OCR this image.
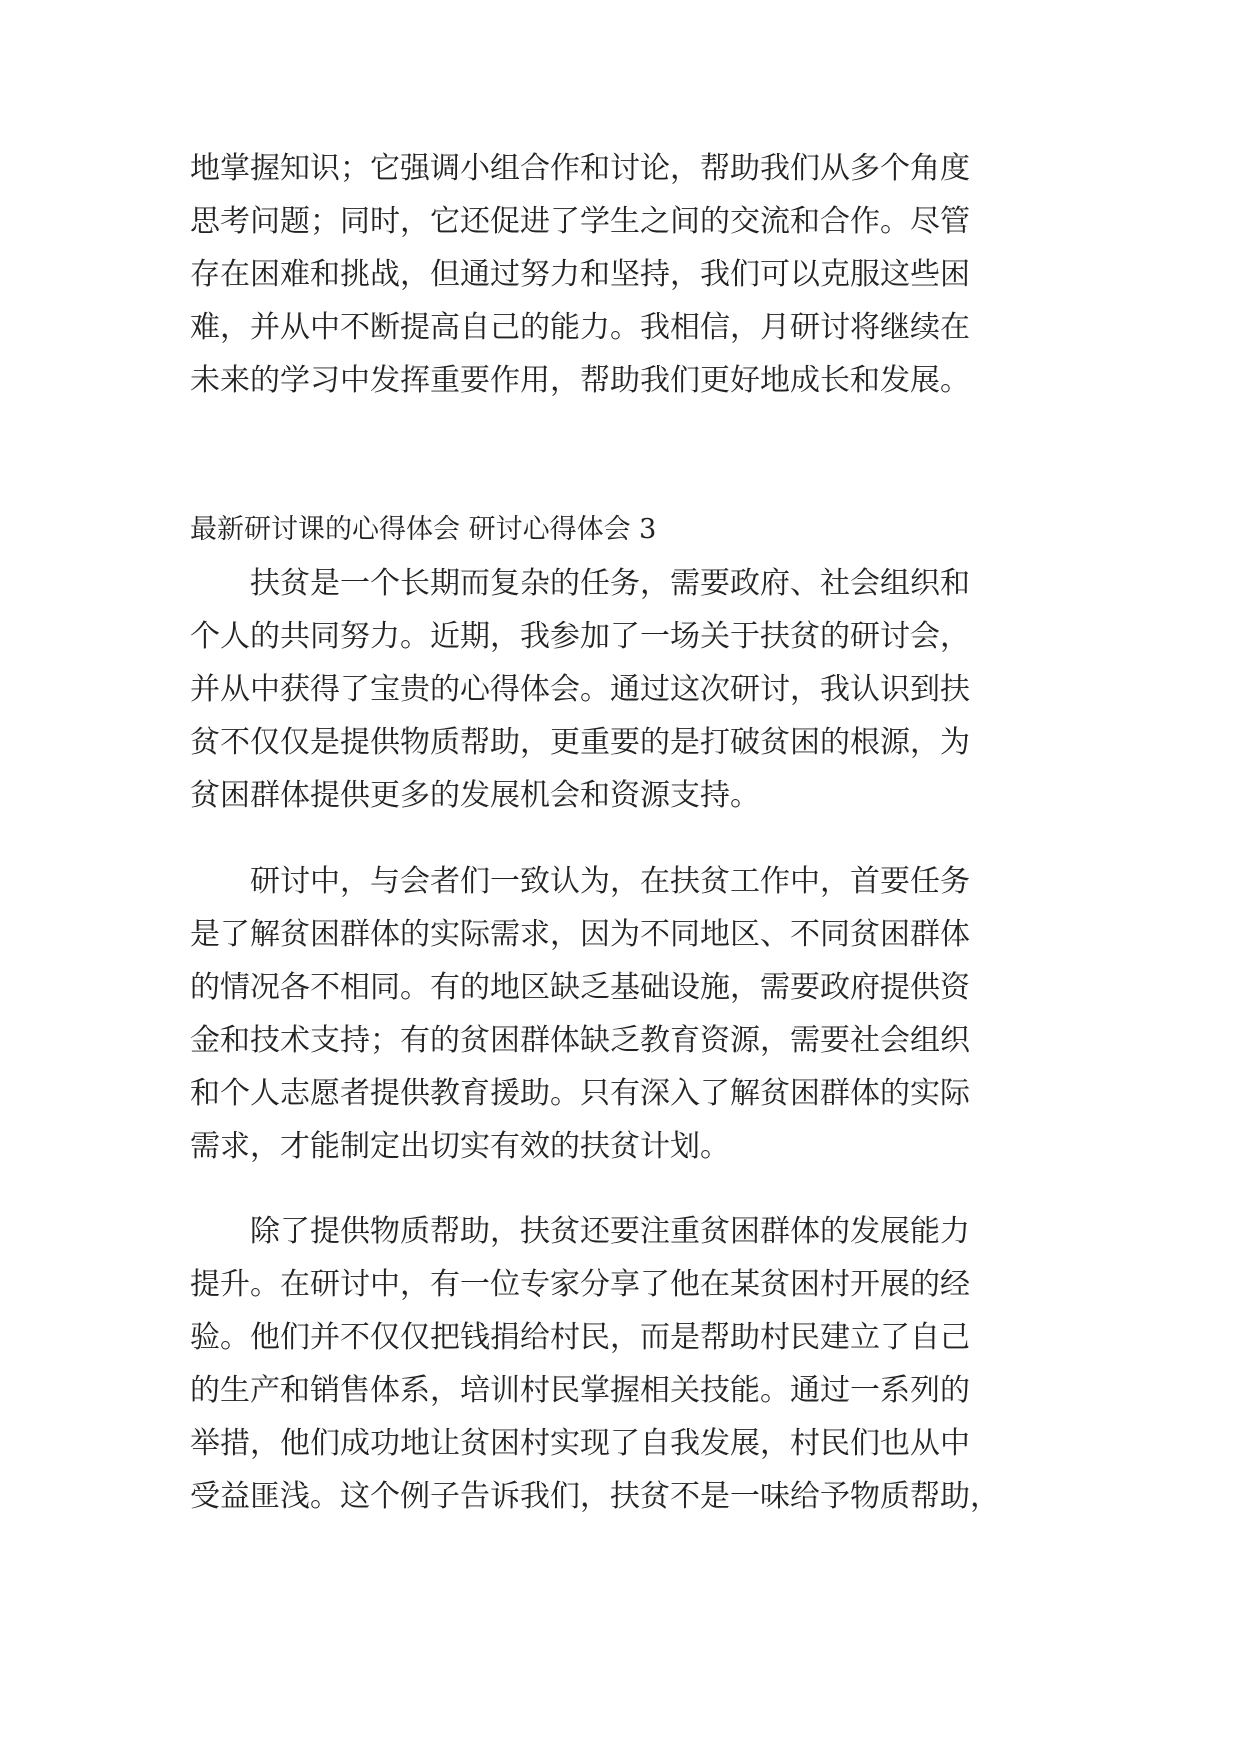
地掌握知识；它强调小组合作和讨论，帮助我们从多个角度
思考问题；同时，它还促进了学生之间的交流和合作。尽管
存在困难和挑战，但通过努力和坚持，我们可以克服这些困
难，并从中不断提高自己的能力。我相信，月研讨将继续在
未来的学习中发挥重要作用，帮助我们更好地成长和发展。
最新研讨课的心得体会 研讨心得体会 3
扶贫是一个长期而复杂的任务，需要政府、社会组织和
个人的共同努力。近期，我参加了一场关于扶贫的研讨会，
并从中获得了宝贵的心得体会。通过这次研讨，我认识到扶
贫不仅仅是提供物质帮助，更重要的是打破贫困的根源，为
贫困群体提供更多的发展机会和资源支持。
研讨中，与会者们一致认为，在扶贫工作中，首要任务
是了解贫困群体的实际需求，因为不同地区、不同贫困群体
的情况各不相同。有的地区缺乏基础设施，需要政府提供资
金和技术支持；有的贫困群体缺乏教育资源，需要社会组织
和个人志愿者提供教育援助。只有深入了解贫困群体的实际
需求，才能制定出切实有效的扶贫计划。
除了提供物质帮助，扶贫还要注重贫困群体的发展能力
提升。在研讨中，有一位专家分享了他在某贫困村开展的经
验。他们并不仅仅把钱捐给村民，而是帮助村民建立了自己
的生产和销售体系，培训村民掌握相关技能。通过一系列的
举措，他们成功地让贫困村实现了自我发展，村民们也从中
受益匪浅。这个例子告诉我们，扶贫不是一味给予物质帮助，
